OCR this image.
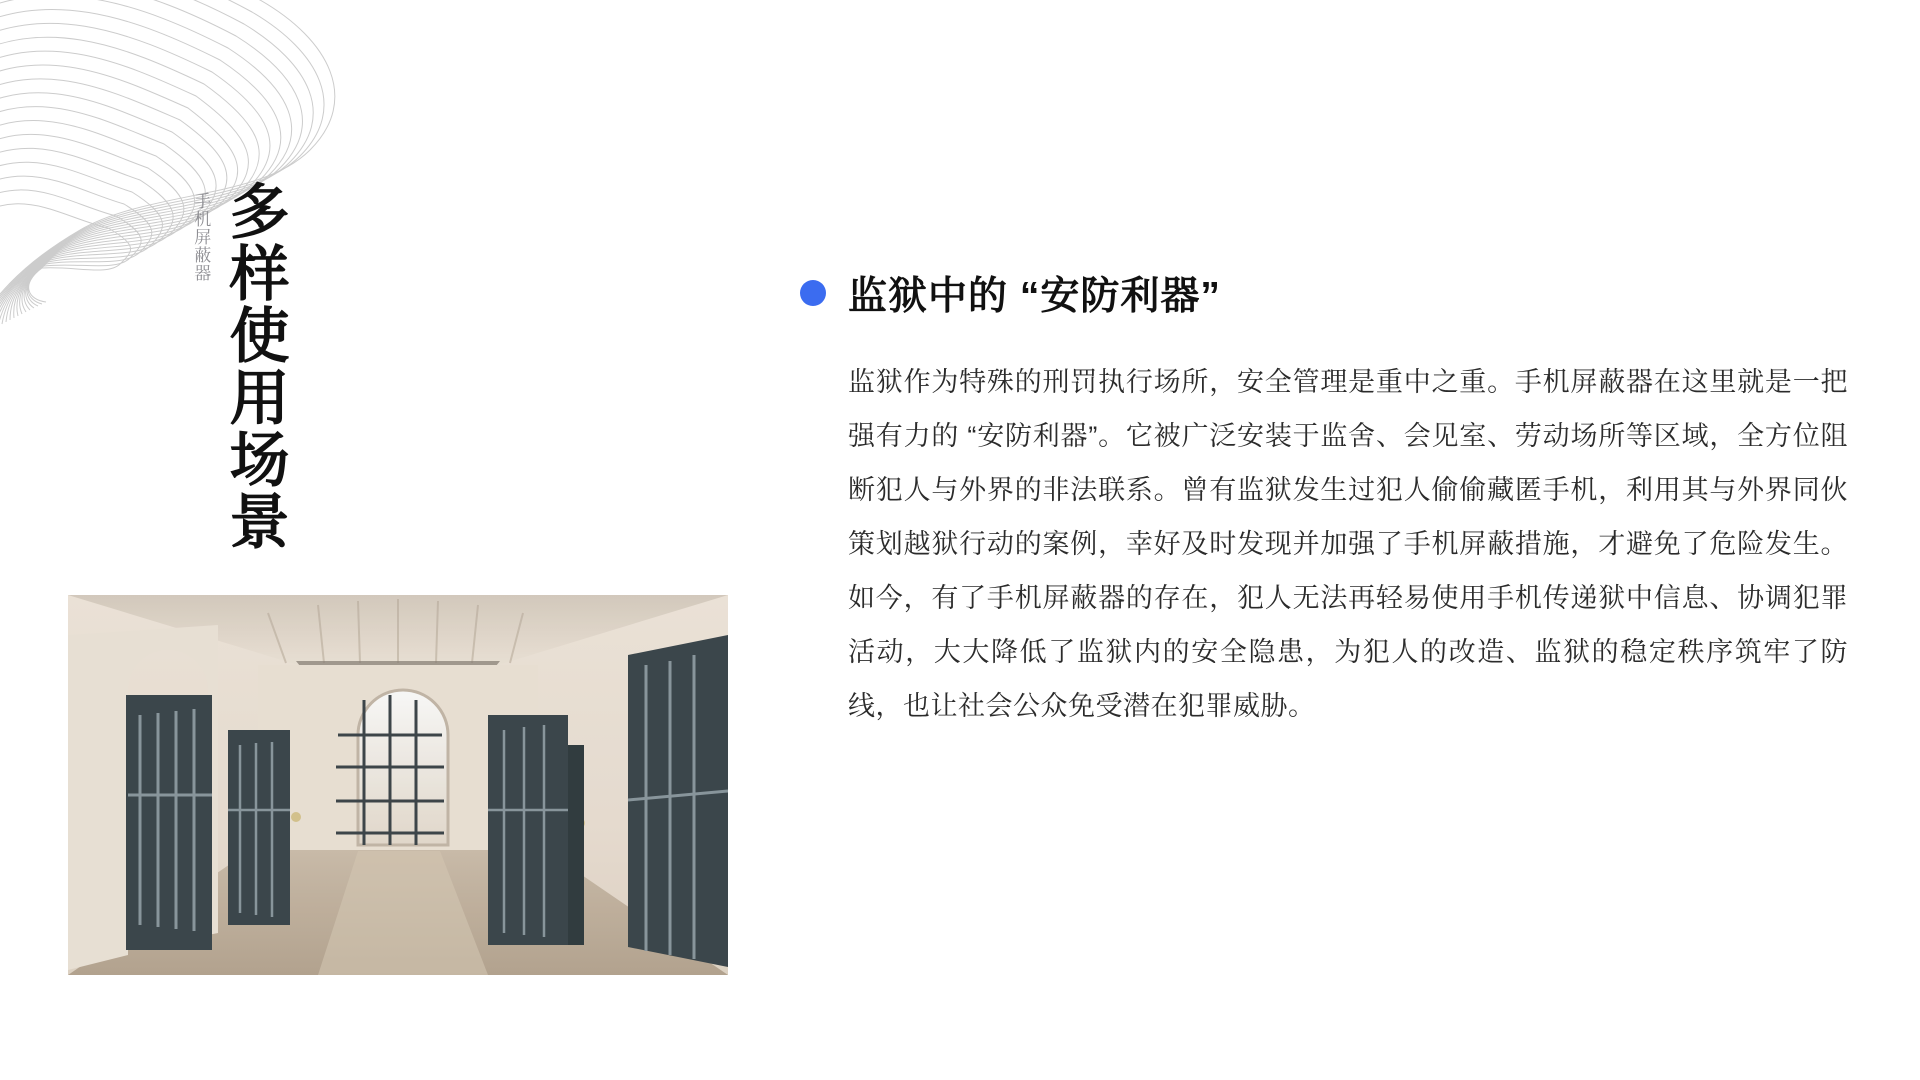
多样使用场景
手机屏蔽器
监狱中的 “安防利器”

监狱作为特殊的刑罚执行场所，安全管理是重中之重。手机屏蔽器在这里就是一把强有力的 “安防利器”。它被广泛安装于监舍、会见室、劳动场所等区域，全方位阻断犯人与外界的非法联系。曾有监狱发生过犯人偷偷藏匿手机，利用其与外界同伙策划越狱行动的案例，幸好及时发现并加强了手机屏蔽措施，才避免了危险发生。如今，有了手机屏蔽器的存在，犯人无法再轻易使用手机传递狱中信息、协调犯罪活动，大大降低了监狱内的安全隐患，为犯人的改造、监狱的稳定秩序筑牢了防线，也让社会公众免受潜在犯罪威胁。
